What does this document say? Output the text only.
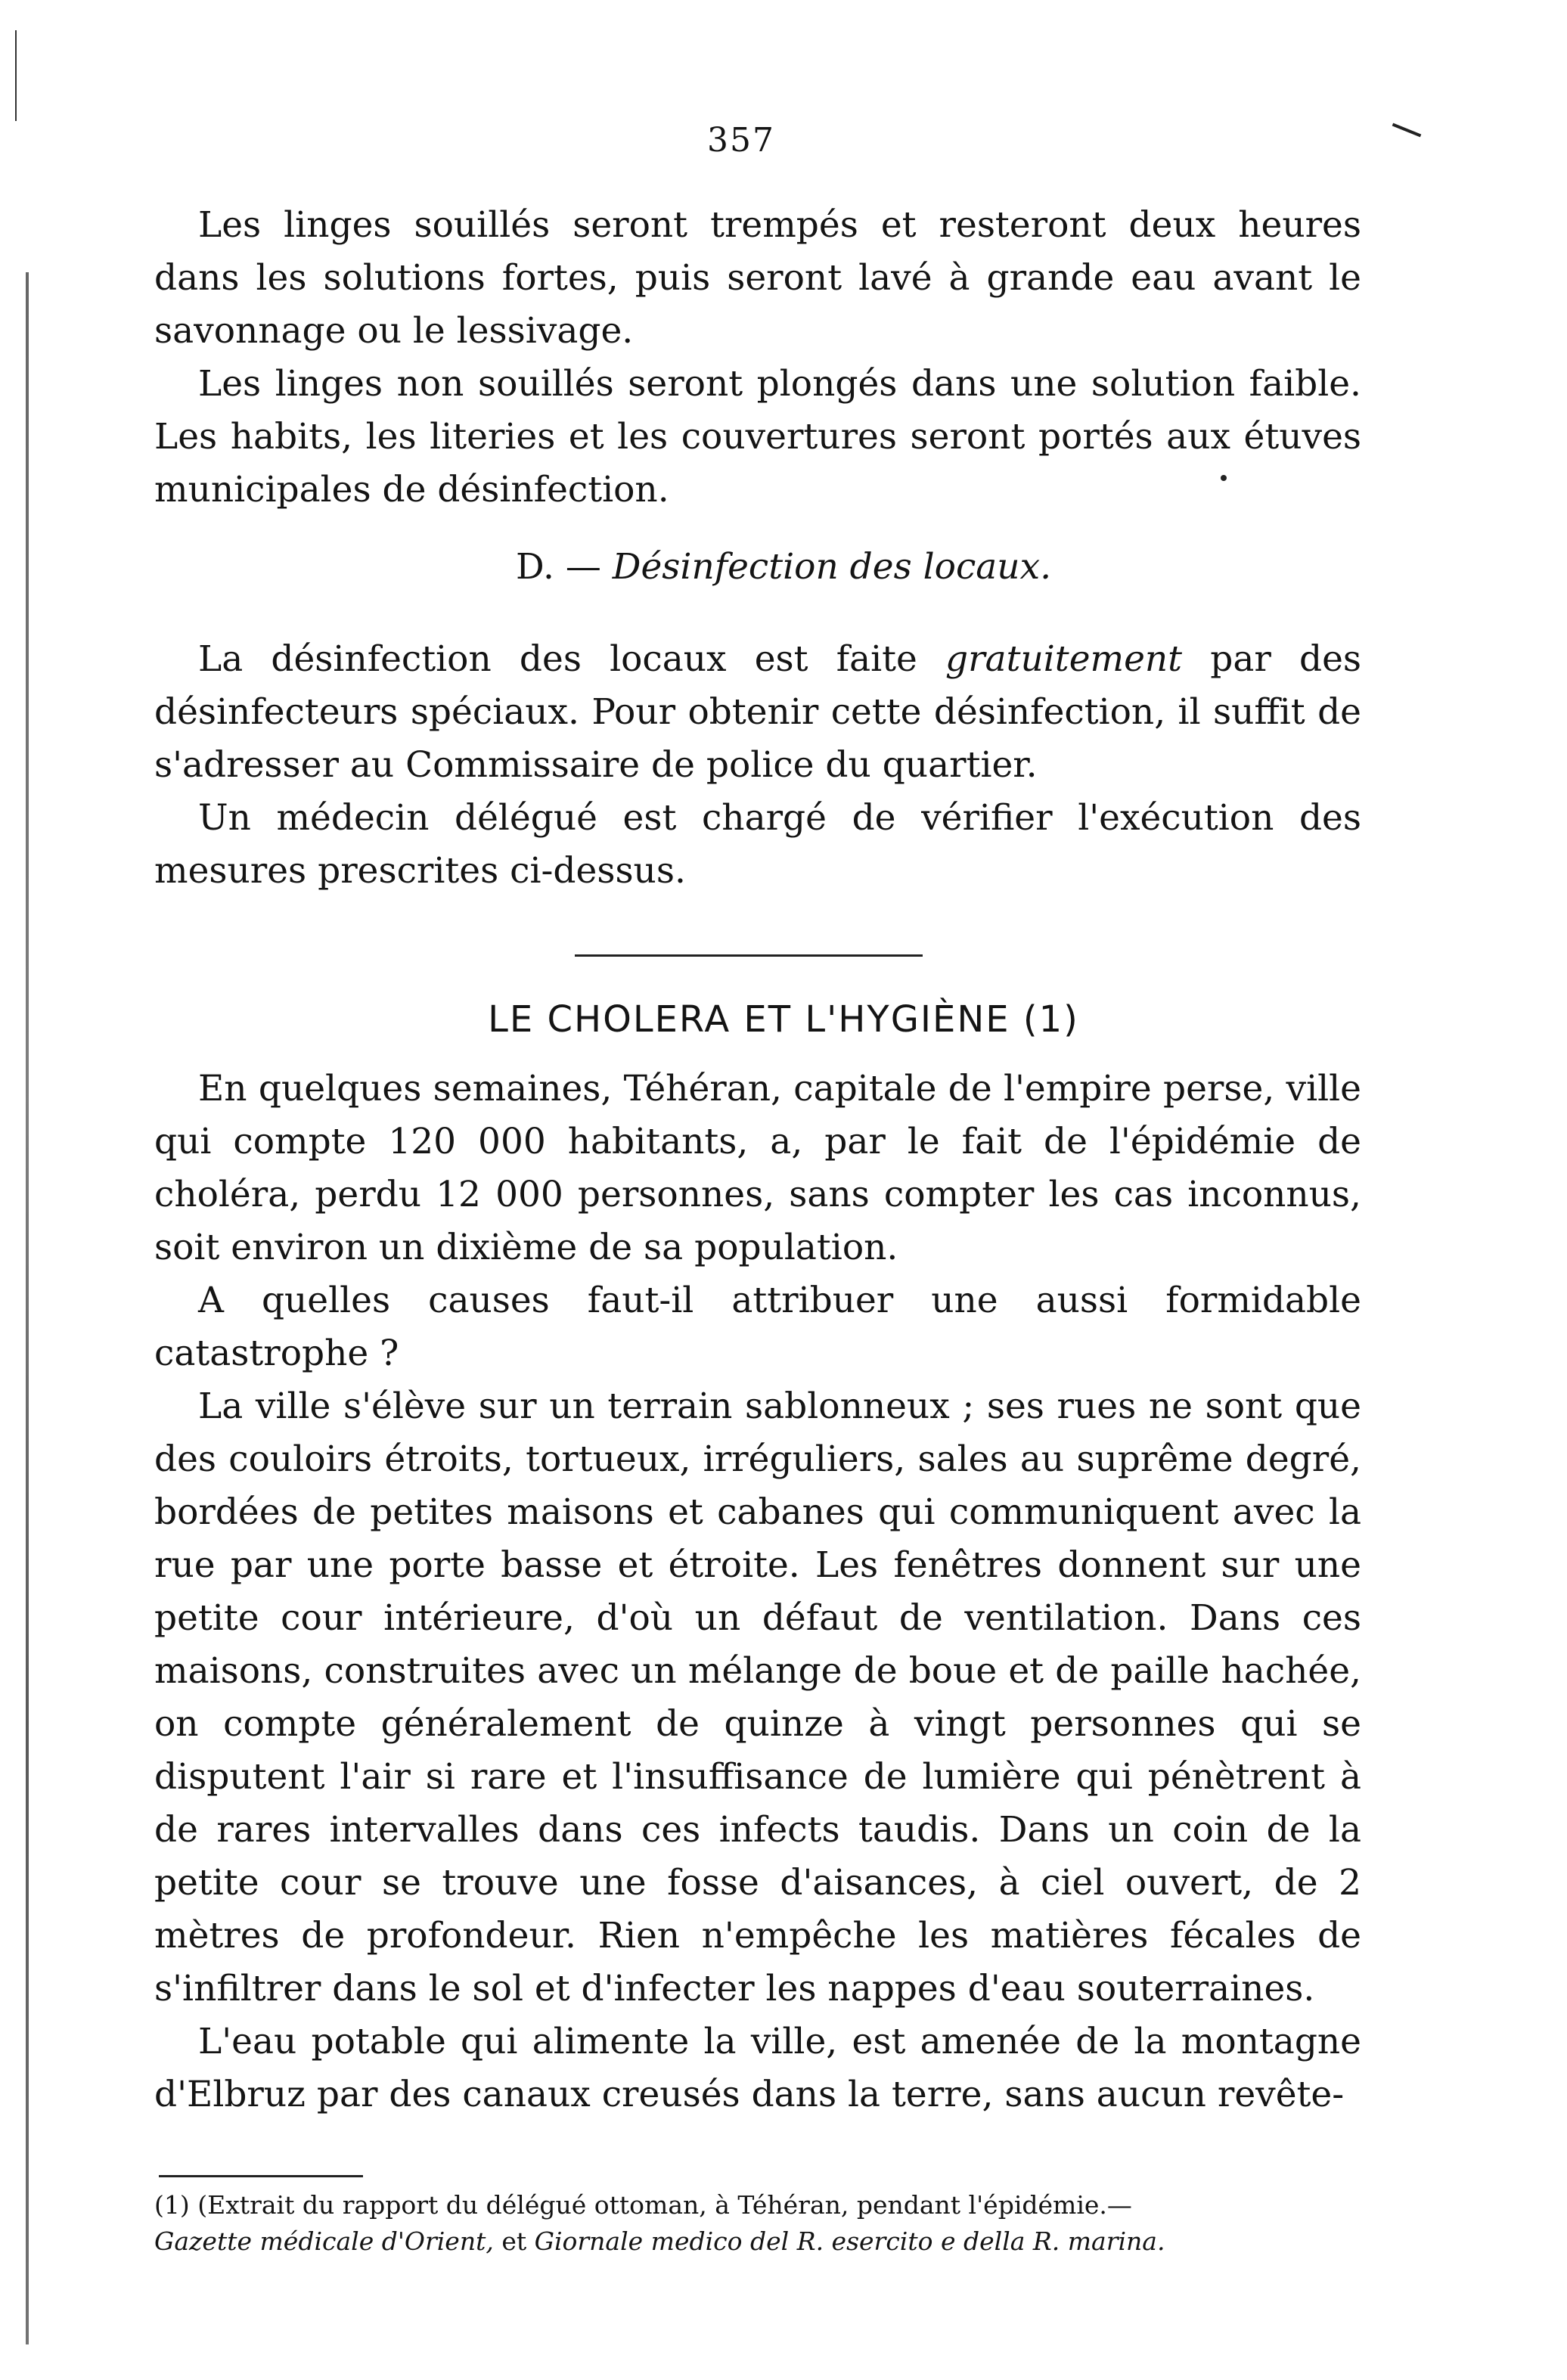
357

Les linges souillés seront trempés et resteront deux heures dans les solutions fortes, puis seront lavé à grande eau avant le savonnage ou le lessivage.

Les linges non souillés seront plongés dans une solution faible. Les habits, les literies et les couvertures seront portés aux étuves municipales de désinfection.

D. — Désinfection des locaux.

La désinfection des locaux est faite gratuitement par des désinfecteurs spéciaux. Pour obtenir cette désinfection, il suffit de s'adresser au Commissaire de police du quartier.

Un médecin délégué est chargé de vérifier l'exécution des mesures prescrites ci-dessus.

LE CHOLERA ET L'HYGIÈNE (1)

En quelques semaines, Téhéran, capitale de l'empire perse, ville qui compte 120 000 habitants, a, par le fait de l'épidémie de choléra, perdu 12 000 personnes, sans compter les cas inconnus, soit environ un dixième de sa population.

A quelles causes faut-il attribuer une aussi formidable catastrophe ?

La ville s'élève sur un terrain sablonneux ; ses rues ne sont que des couloirs étroits, tortueux, irréguliers, sales au suprême degré, bordées de petites maisons et cabanes qui communiquent avec la rue par une porte basse et étroite. Les fenêtres donnent sur une petite cour intérieure, d'où un défaut de ventilation. Dans ces maisons, construites avec un mélange de boue et de paille hachée, on compte généralement de quinze à vingt personnes qui se disputent l'air si rare et l'insuffisance de lumière qui pénètrent à de rares intervalles dans ces infects taudis. Dans un coin de la petite cour se trouve une fosse d'aisances, à ciel ouvert, de 2 mètres de profondeur. Rien n'empêche les matières fécales de s'infiltrer dans le sol et d'infecter les nappes d'eau souterraines.

L'eau potable qui alimente la ville, est amenée de la montagne d'Elbruz par des canaux creusés dans la terre, sans aucun revête-

(1) (Extrait du rapport du délégué ottoman, à Téhéran, pendant l'épidémie.—
Gazette médicale d'Orient, et Giornale medico del R. esercito e della R. marina.
